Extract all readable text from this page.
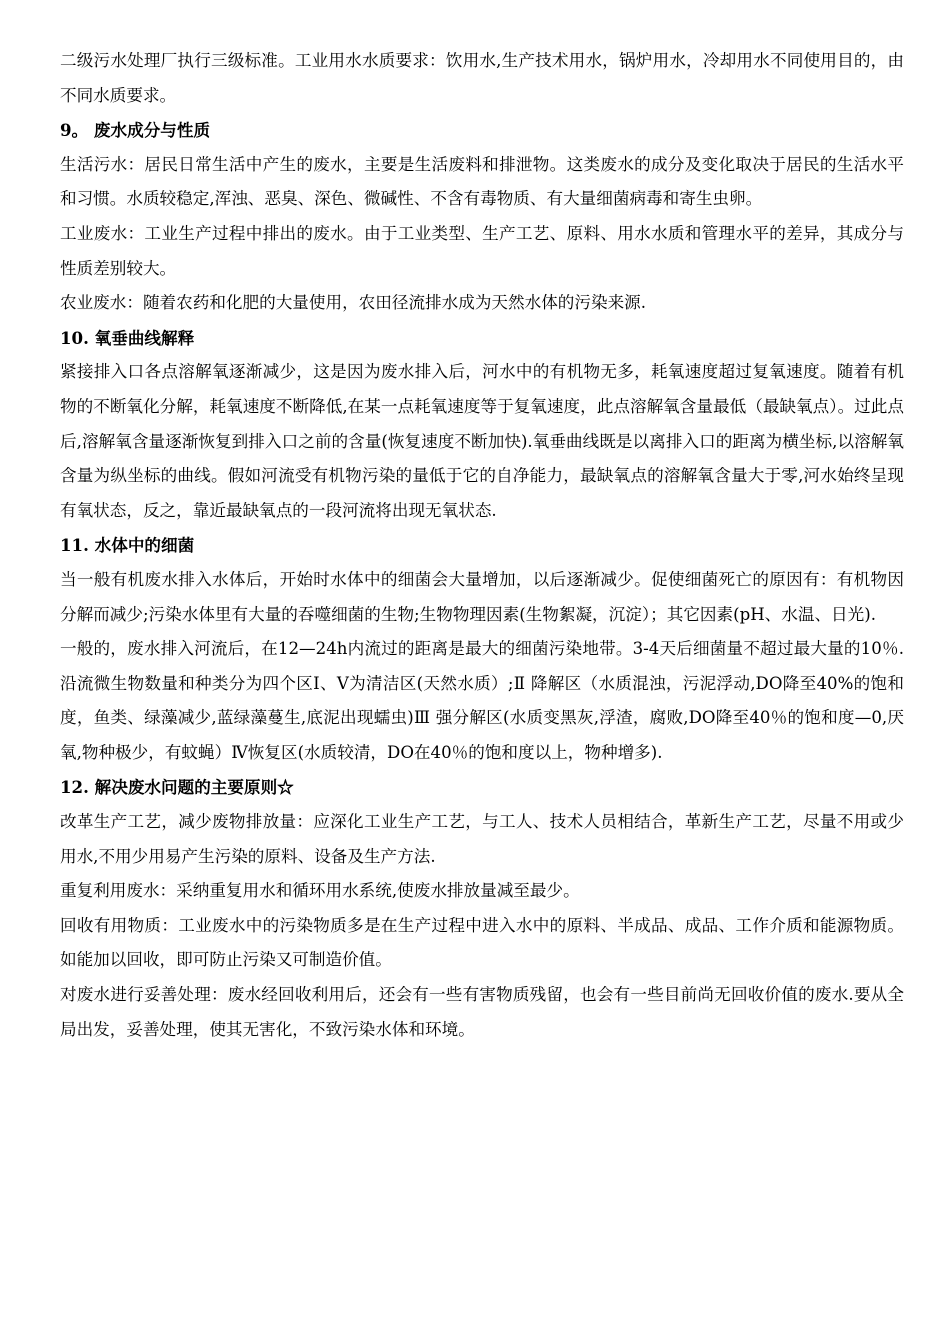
二级污水处理厂执行三级标准。工业用水水质要求：饮用水,生产技术用水，锅炉用水，冷却用水不同使用目的，由不同水质要求。

9。 废水成分与性质

生活污水：居民日常生活中产生的废水，主要是生活废料和排泄物。这类废水的成分及变化取决于居民的生活水平和习惯。水质较稳定,浑浊、恶臭、深色、微碱性、不含有毒物质、有大量细菌病毒和寄生虫卵。

工业废水：工业生产过程中排出的废水。由于工业类型、生产工艺、原料、用水水质和管理水平的差异，其成分与性质差别较大。

农业废水：随着农药和化肥的大量使用，农田径流排水成为天然水体的污染来源.

10. 氧垂曲线解释

紧接排入口各点溶解氧逐渐减少，这是因为废水排入后，河水中的有机物无多，耗氧速度超过复氧速度。随着有机物的不断氧化分解，耗氧速度不断降低,在某一点耗氧速度等于复氧速度，此点溶解氧含量最低（最缺氧点）。过此点后,溶解氧含量逐渐恢复到排入口之前的含量(恢复速度不断加快).氧垂曲线既是以离排入口的距离为横坐标,以溶解氧含量为纵坐标的曲线。假如河流受有机物污染的量低于它的自净能力，最缺氧点的溶解氧含量大于零,河水始终呈现有氧状态，反之，靠近最缺氧点的一段河流将出现无氧状态.

11. 水体中的细菌

当一般有机废水排入水体后，开始时水体中的细菌会大量增加，以后逐渐减少。促使细菌死亡的原因有：有机物因分解而减少;污染水体里有大量的吞噬细菌的生物;生物物理因素(生物絮凝，沉淀）；其它因素(pH、水温、日光).

一般的，废水排入河流后，在12—24h内流过的距离是最大的细菌污染地带。3-4天后细菌量不超过最大量的10％.沿流微生物数量和种类分为四个区Ⅰ、Ⅴ为清洁区(天然水质）;Ⅱ 降解区（水质混浊，污泥浮动,DO降至40%的饱和度，鱼类、绿藻减少,蓝绿藻蔓生,底泥出现蠕虫)Ⅲ 强分解区(水质变黑灰,浮渣，腐败,DO降至40％的饱和度—0,厌氧,物种极少，有蚊蝇）Ⅳ恢复区(水质较清，DO在40％的饱和度以上，物种增多).

12. 解决废水问题的主要原则☆

改革生产工艺，减少废物排放量：应深化工业生产工艺，与工人、技术人员相结合，革新生产工艺，尽量不用或少用水,不用少用易产生污染的原料、设备及生产方法.

重复利用废水：采纳重复用水和循环用水系统,使废水排放量减至最少。

回收有用物质：工业废水中的污染物质多是在生产过程中进入水中的原料、半成品、成品、工作介质和能源物质。如能加以回收，即可防止污染又可制造价值。

对废水进行妥善处理：废水经回收利用后，还会有一些有害物质残留，也会有一些目前尚无回收价值的废水.要从全局出发，妥善处理，使其无害化，不致污染水体和环境。
